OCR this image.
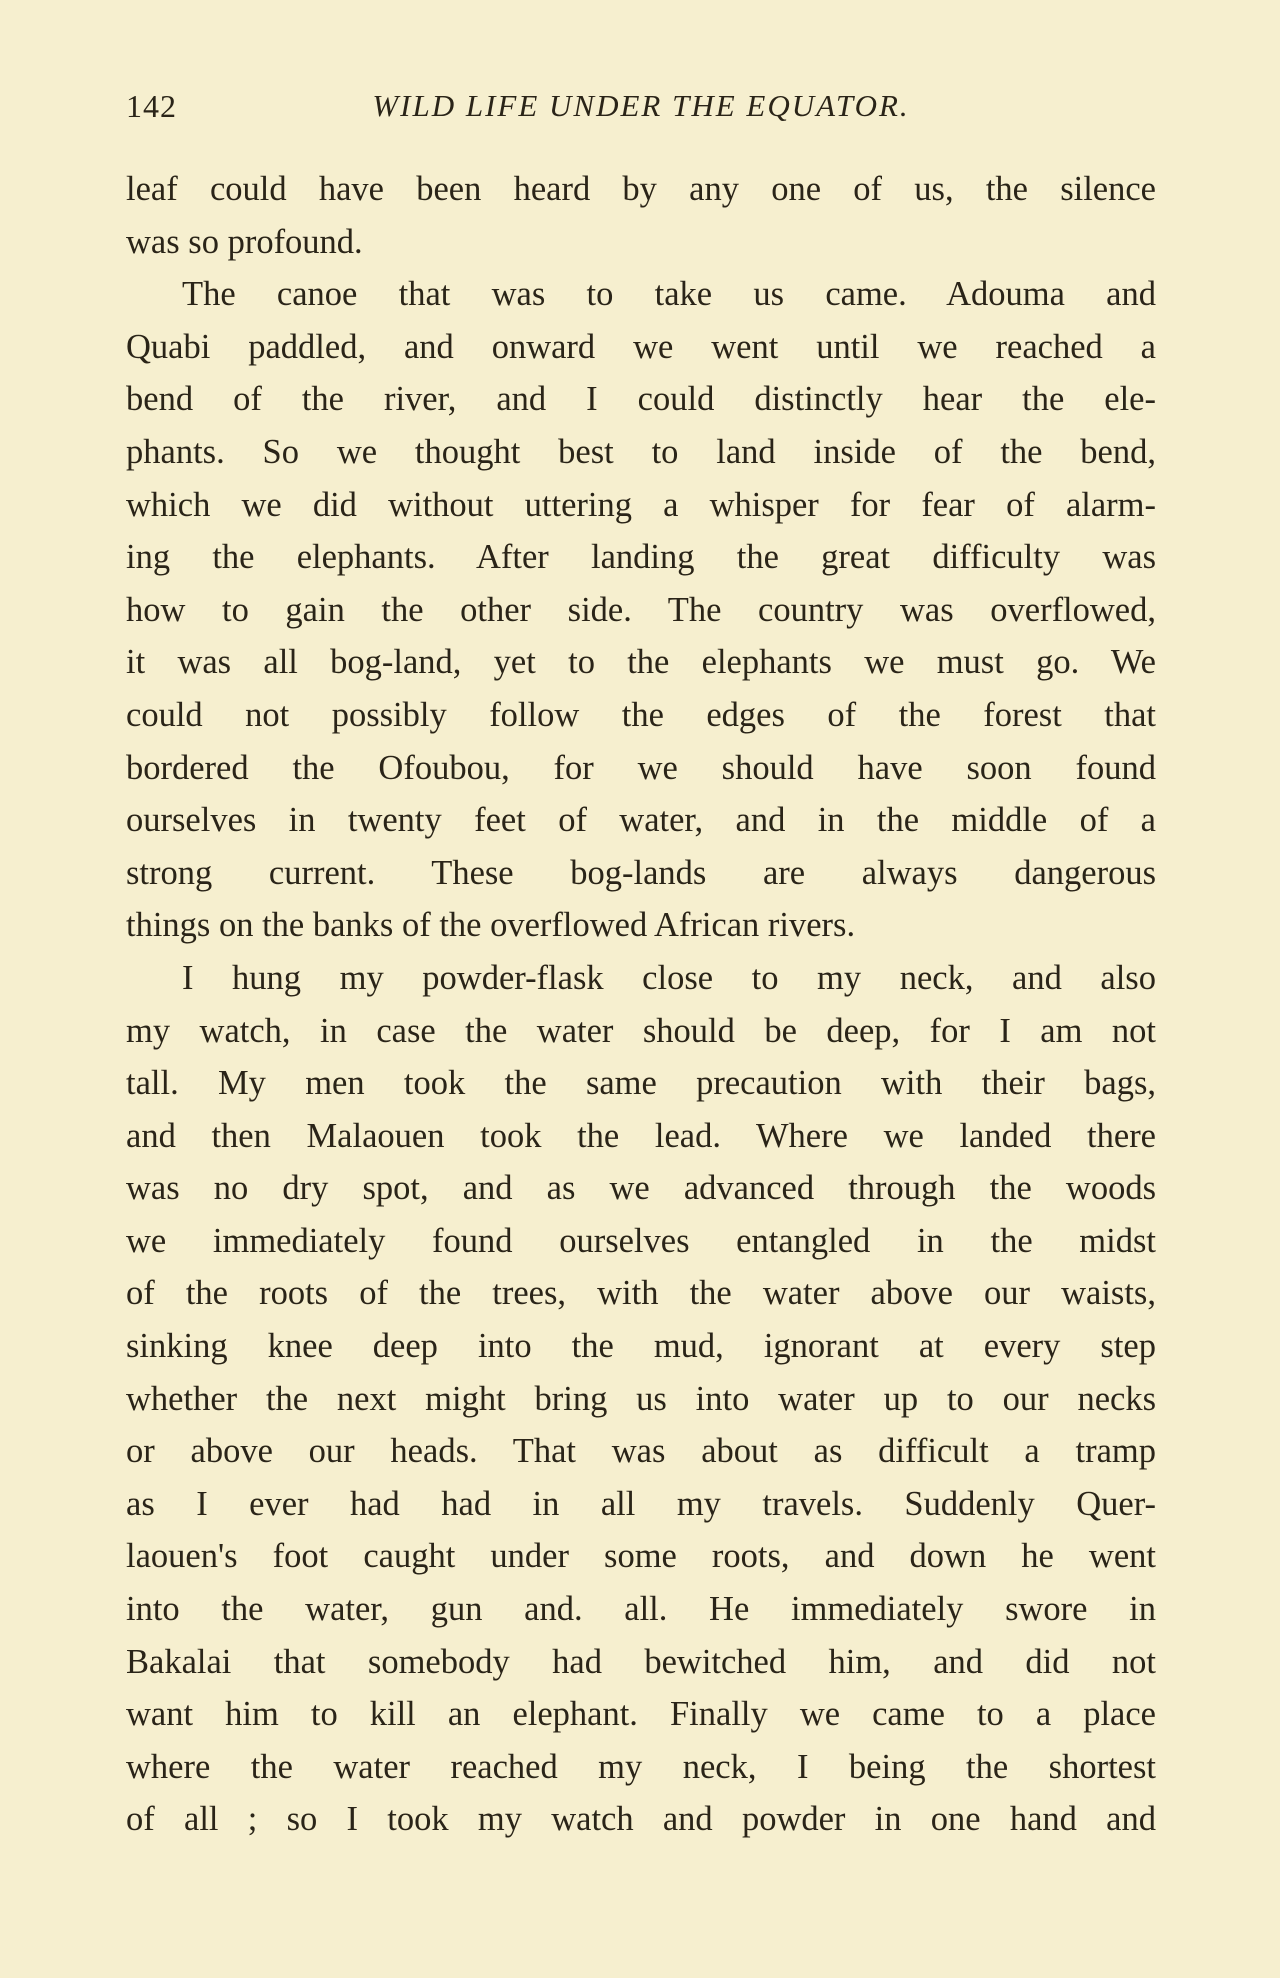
142	WILD LIFE UNDER THE EQUATOR.
leaf could have been heard by any one of us, the silence
was so profound.
The canoe that was to take us came. Adouma and
Quabi paddled, and onward we went until we reached a
bend of the river, and I could distinctly hear the ele-
phants. So we thought best to land inside of the bend,
which we did without uttering a whisper for fear of alarm-
ing the elephants. After landing the great difficulty was
how to gain the other side. The country was overflowed,
it was all bog-land, yet to the elephants we must go. We
could not possibly follow the edges of the forest that
bordered the Ofoubou, for we should have soon found
ourselves in twenty feet of water, and in the middle of a
strong current. These bog-lands are always dangerous
things on the banks of the overflowed African rivers.
I hung my powder-flask close to my neck, and also
my watch, in case the water should be deep, for I am not
tall. My men took the same precaution with their bags,
and then Malaouen took the lead. Where we landed there
was no dry spot, and as we advanced through the woods
we immediately found ourselves entangled in the midst
of the roots of the trees, with the water above our waists,
sinking knee deep into the mud, ignorant at every step
whether the next might bring us into water up to our necks
or above our heads. That was about as difficult a tramp
as I ever had had in all my travels. Suddenly Quer-
laouen's foot caught under some roots, and down he went
into the water, gun and. all. He immediately swore in
Bakalai that somebody had bewitched him, and did not
want him to kill an elephant. Finally we came to a place
where the water reached my neck, I being the shortest
of all ; so I took my watch and powder in one hand and
